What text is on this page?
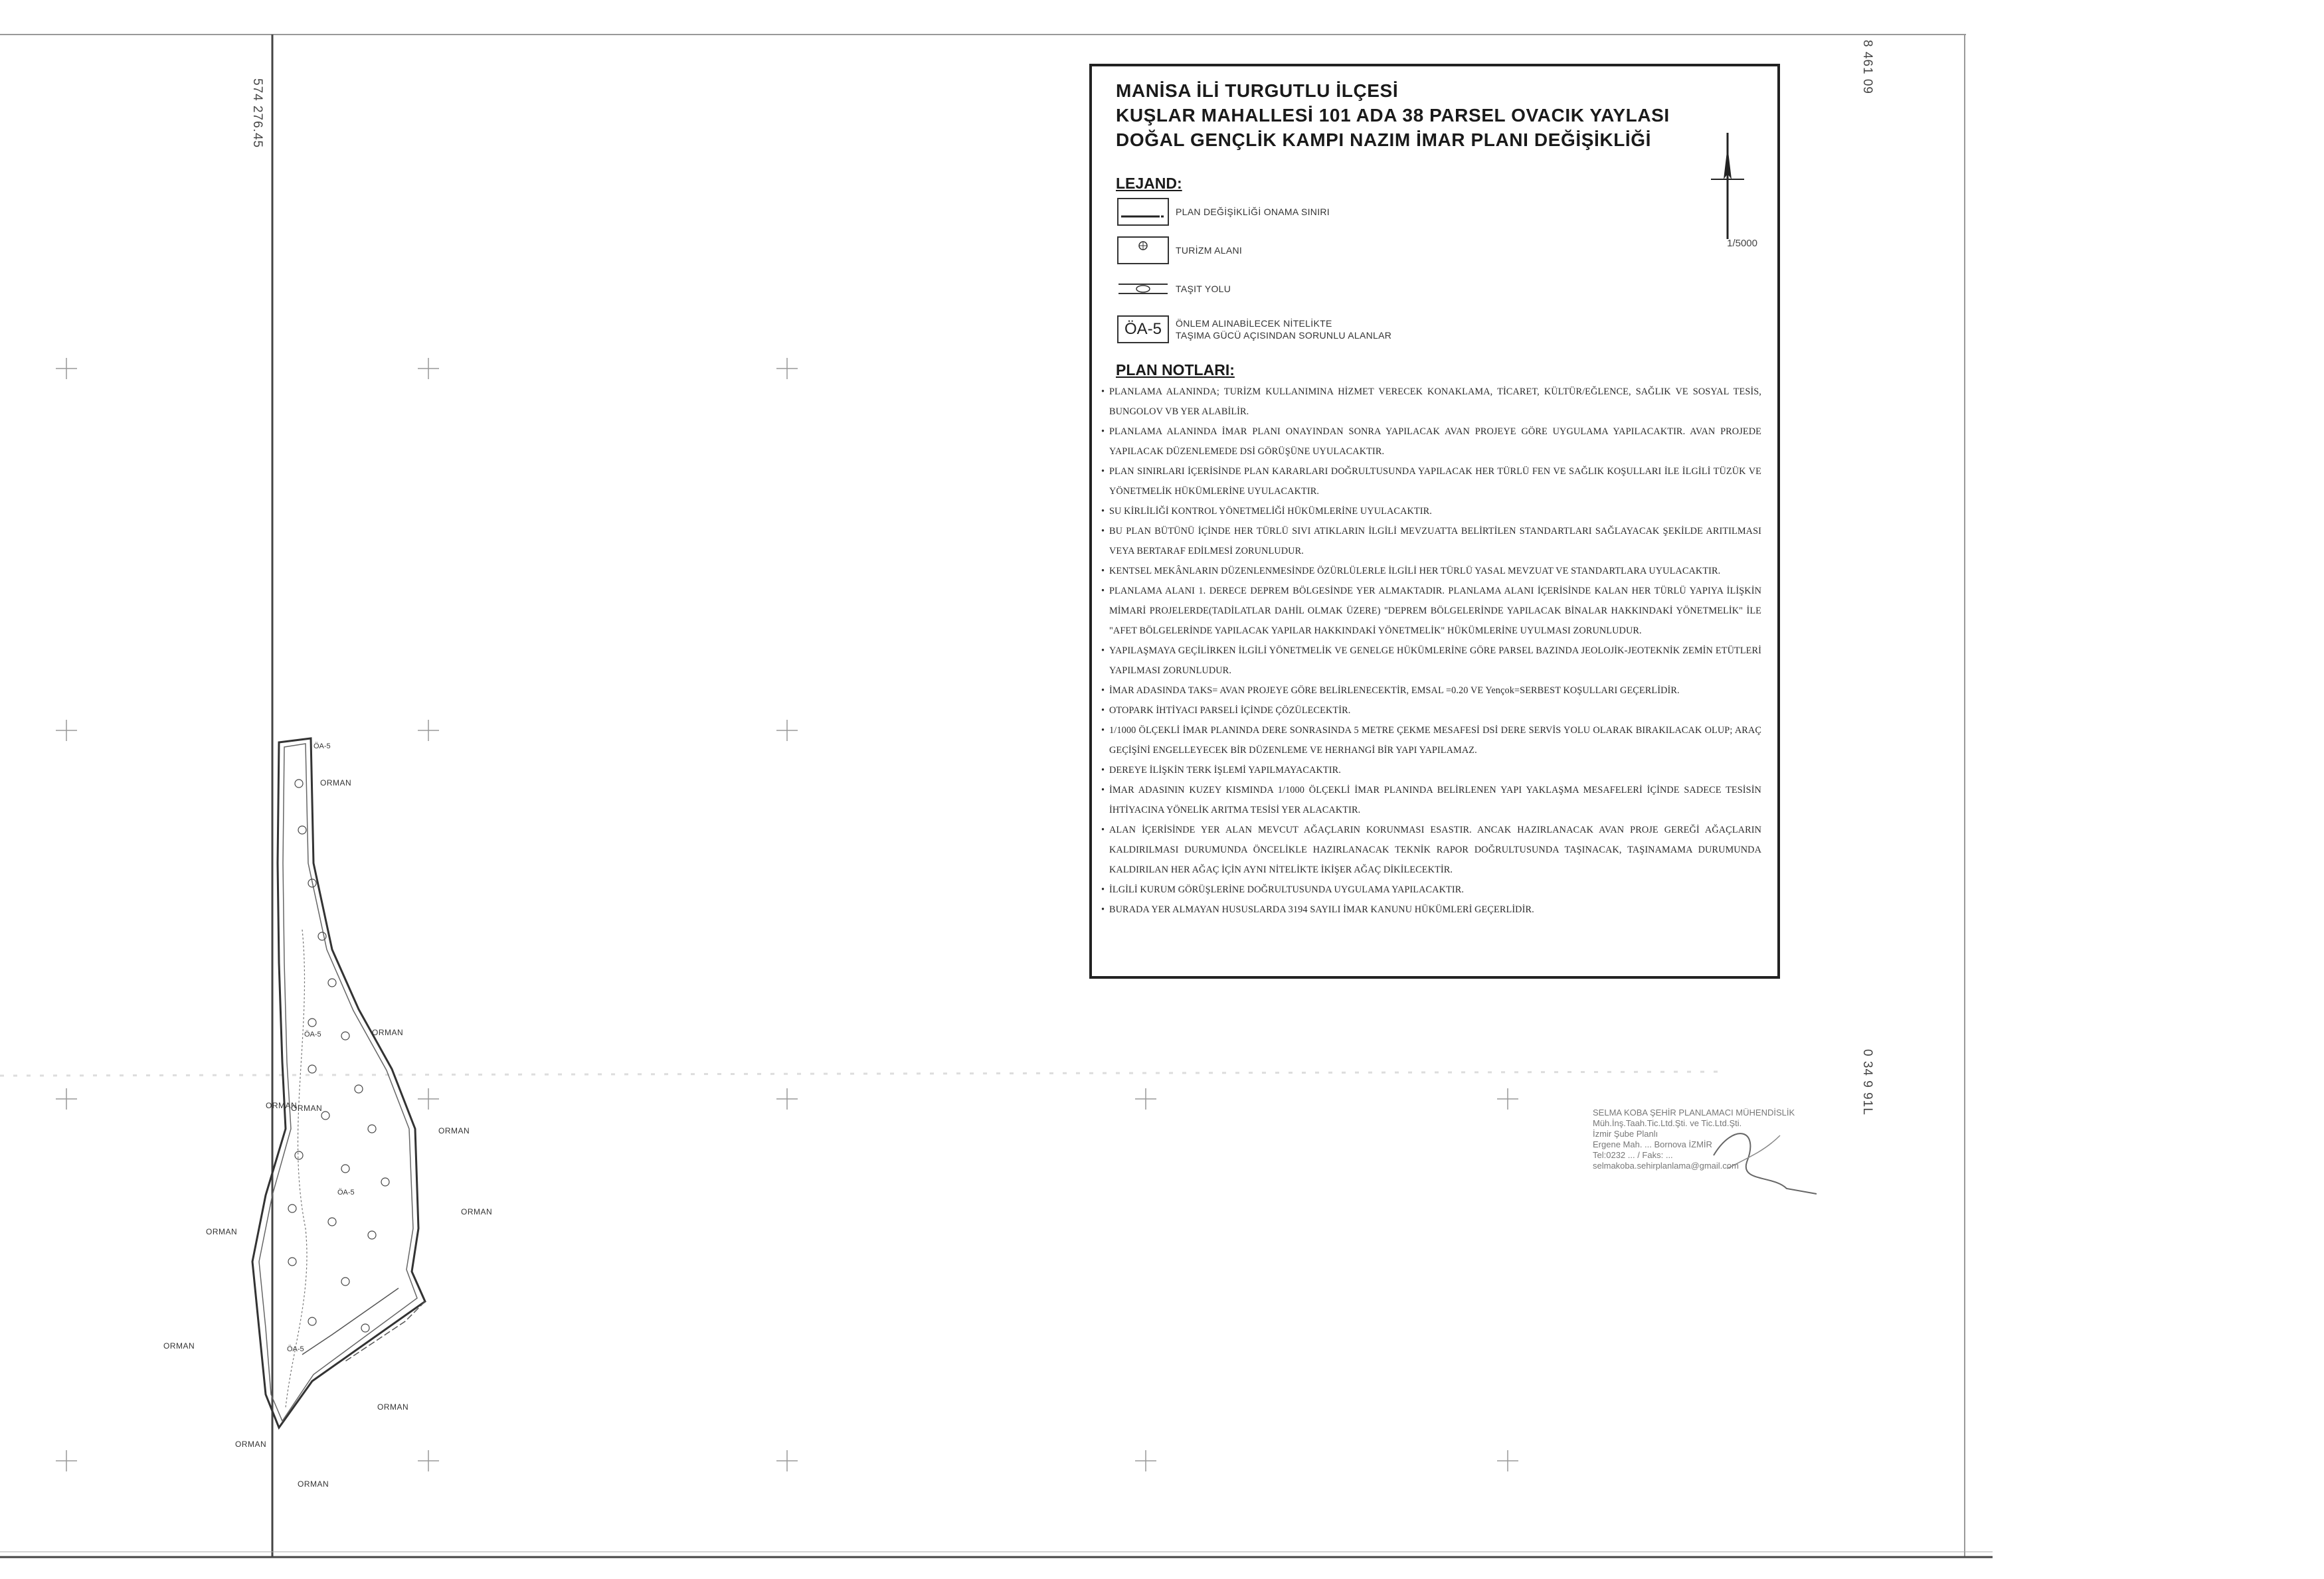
574 276.45
8 461 09
0 34 9 91L
ORMAN
ORMAN
ORMAN
ORMAN
ORMAN
ORMAN
ORMAN
ORMAN
ORMAN
ORMAN
ORMAN
ÖA-5
ÖA-5
ÖA-5
ÖA-5
MANİSA İLİ TURGUTLU İLÇESİ
KUŞLAR MAHALLESİ 101 ADA 38 PARSEL OVACIK YAYLASI
DOĞAL GENÇLİK KAMPI NAZIM İMAR PLANI DEĞİŞİKLİĞİ
1/5000
LEJAND:
PLAN DEĞİŞİKLİĞİ ONAMA SINIRI
TURİZM ALANI
TAŞIT YOLU
ÖA-5 ÖNLEM ALINABİLECEK NİTELİKTE
TAŞIMA GÜCÜ AÇISINDAN SORUNLU ALANLAR
PLAN NOTLARI:
• PLANLAMA ALANINDA; TURİZM KULLANIMINA HİZMET VERECEK KONAKLAMA, TİCARET, KÜLTÜR/EĞLENCE, SAĞLIK VE SOSYAL TESİS, BUNGOLOV VB YER ALABİLİR.
• PLANLAMA ALANINDA İMAR PLANI ONAYINDAN SONRA YAPILACAK AVAN PROJEYE GÖRE UYGULAMA YAPILACAKTIR. AVAN PROJEDE YAPILACAK DÜZENLEMEDE DSİ GÖRÜŞÜNE UYULACAKTIR.
• PLAN SINIRLARI İÇERİSİNDE PLAN KARARLARI DOĞRULTUSUNDA YAPILACAK HER TÜRLÜ FEN VE SAĞLIK KOŞULLARI İLE İLGİLİ TÜZÜK VE YÖNETMELİK HÜKÜMLERİNE UYULACAKTIR.
• SU KİRLİLİĞİ KONTROL YÖNETMELİĞİ HÜKÜMLERİNE UYULACAKTIR.
• BU PLAN BÜTÜNÜ İÇİNDE HER TÜRLÜ SIVI ATIKLARIN İLGİLİ MEVZUATTA BELİRTİLEN STANDARTLARI SAĞLAYACAK ŞEKİLDE ARITILMASI VEYA BERTARAF EDİLMESİ ZORUNLUDUR.
• KENTSEL MEKÂNLARIN DÜZENLENMESİNDE ÖZÜRLÜLERLE İLGİLİ HER TÜRLÜ YASAL MEVZUAT VE STANDARTLARA UYULACAKTIR.
• PLANLAMA ALANI 1. DERECE DEPREM BÖLGESİNDE YER ALMAKTADIR. PLANLAMA ALANI İÇERİSİNDE KALAN HER TÜRLÜ YAPIYA İLİŞKİN MİMARİ PROJELERDE(TADİLATLAR DAHİL OLMAK ÜZERE) "DEPREM BÖLGELERİNDE YAPILACAK BİNALAR HAKKINDAKİ YÖNETMELİK" İLE "AFET BÖLGELERİNDE YAPILACAK YAPILAR HAKKINDAKİ YÖNETMELİK" HÜKÜMLERİNE UYULMASI ZORUNLUDUR.
• YAPILAŞMAYA GEÇİLİRKEN İLGİLİ YÖNETMELİK VE GENELGE HÜKÜMLERİNE GÖRE PARSEL BAZINDA JEOLOJİK-JEOTEKNİK ZEMİN ETÜTLERİ YAPILMASI ZORUNLUDUR.
• İMAR ADASINDA TAKS= AVAN PROJEYE GÖRE BELİRLENECEKTİR, EMSAL =0.20 VE Yençok=SERBEST KOŞULLARI GEÇERLİDİR.
• OTOPARK İHTİYACI PARSELİ İÇİNDE ÇÖZÜLECEKTİR.
• 1/1000 ÖLÇEKLİ İMAR PLANINDA DERE SONRASINDA 5 METRE ÇEKME MESAFESİ DSİ DERE SERVİS YOLU OLARAK BIRAKILACAK OLUP; ARAÇ GEÇİŞİNİ ENGELLEYECEK BİR DÜZENLEME VE HERHANGİ BİR YAPI YAPILAMAZ.
• DEREYE İLİŞKİN TERK İŞLEMİ YAPILMAYACAKTIR.
• İMAR ADASININ KUZEY KISMINDA 1/1000 ÖLÇEKLİ İMAR PLANINDA BELİRLENEN YAPI YAKLAŞMA MESAFELERİ İÇİNDE SADECE TESİSİN İHTİYACINA YÖNELİK ARITMA TESİSİ YER ALACAKTIR.
• ALAN İÇERİSİNDE YER ALAN MEVCUT AĞAÇLARIN KORUNMASI ESASTIR. ANCAK HAZIRLANACAK AVAN PROJE GEREĞİ AĞAÇLARIN KALDIRILMASI DURUMUNDA ÖNCELİKLE HAZIRLANACAK TEKNİK RAPOR DOĞRULTUSUNDA TAŞINACAK, TAŞINAMAMA DURUMUNDA KALDIRILAN HER AĞAÇ İÇİN AYNI NİTELİKTE İKİŞER AĞAÇ DİKİLECEKTİR.
• İLGİLİ KURUM GÖRÜŞLERİNE DOĞRULTUSUNDA UYGULAMA YAPILACAKTIR.
• BURADA YER ALMAYAN HUSUSLARDA 3194 SAYILI İMAR KANUNU HÜKÜMLERİ GEÇERLİDİR.
SELMA KOBA ŞEHİR PLANLAMACI MÜHENDİSLİK
Müh.İnş.Taah.Tic.Ltd.Şti. ve Tic.Ltd.Şti.
İzmir Şube Planlı
Ergene Mah. ... Bornova İZMİR
Tel:0232 ... / Faks: ...
selmakoba.sehirplanlama@gmail.com
